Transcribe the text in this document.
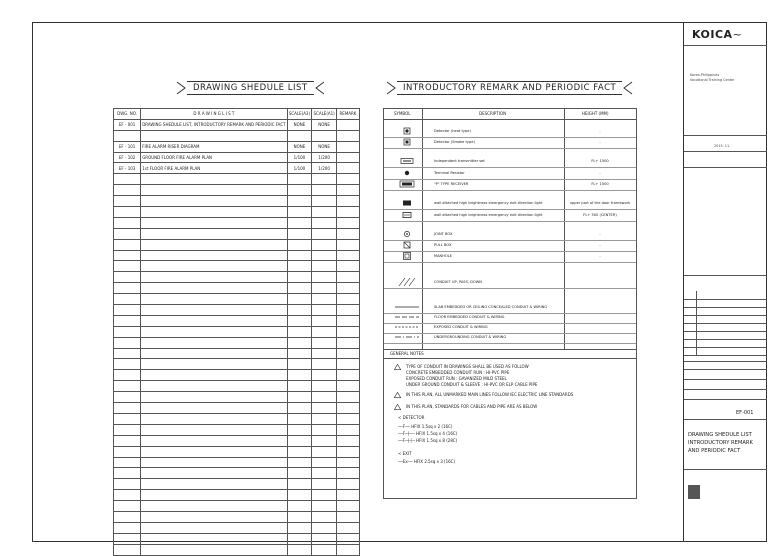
DRAWING SHEDULE LIST
DWG. NO.	D R A W I N G L I S T	SCALE(A3)	SCALE(A1)	REMARK
EF - 001	DRAWING SHEDULE LIST, INTRODUCTORY REMARK AND PERIODIC FACT	NONE	NONE	

EF - 101	FIRE ALARM RISER DIAGRAM	NONE	NONE	
EF - 102	GROUND FLOOR FIRE ALARM PLAN	1/100	1/200	
EF - 103	1st FLOOR FIRE ALARM PLAN	1/100	1/200	

INTRODUCTORY REMARK AND PERIODIC FACT
SYMBOL	DESCRIPTION	HEIGHT (MM)
Detector (heat type)	-
Detector (Smoke type)	-
Independent transmitter set	FL+ 1500
Terminal Resistor	-
"P" TYPE RECEIVER	FL+ 1500
wall attached high brightness emergency exit direction light	upper part of the door framework
wall attached high brightness emergency exit direction light	FL+ 500 (CENTER)
JOINT BOX	-
PULL BOX	-
MANHOLE	-
CONDUIT UP, PASS, DOWN
SLAB EMBEDDED OR CEILING CONCEALED CONDUIT & WIRING
FLOOR EMBEDDED CONDUIT & WIRING
EXPOSED CONDUIT & WIRING
UNDERGROUNDING CONDUIT & WIRING
GENERAL NOTES
TYPE OF CONDUIT IN DRAWINGS SHALL BE USED AS FOLLOW
CONCRETE EMBEDDED CONDUIT RUN : HI-PVC PIPE
EXPOSED CONDUIT RUN : GAVANIZED MILD STEEL
UNDER GROUND CONDUIT & SLEEVE : HI-PVC OR ELP CABLE PIPE
IN THIS PLAN, ALL UNMARKED MAIN LINES FOLLOW IEC ELECTRIC LINE STANDARDS
IN THIS PLAN, STANDARDS FOR CABLES AND PIPE ARE AS BELOW
< DETECTOR
──F── HFIX 1.5sq x 2 (16C)
──F─┼── HFIX 1.5sq x 4 (16C)
──F─┼┼─ HFIX 1.5sq x 8 (28C)
< EXIT
──Ex── HFIX 2.5sq x 3 (16C)
KOICA~
Korea-Philippines
Vocational Training Center
2015. 11.
EF-001
DRAWING SHEDULE LIST
INTRODUCTORY REMARK
AND PERIODIC FACT
